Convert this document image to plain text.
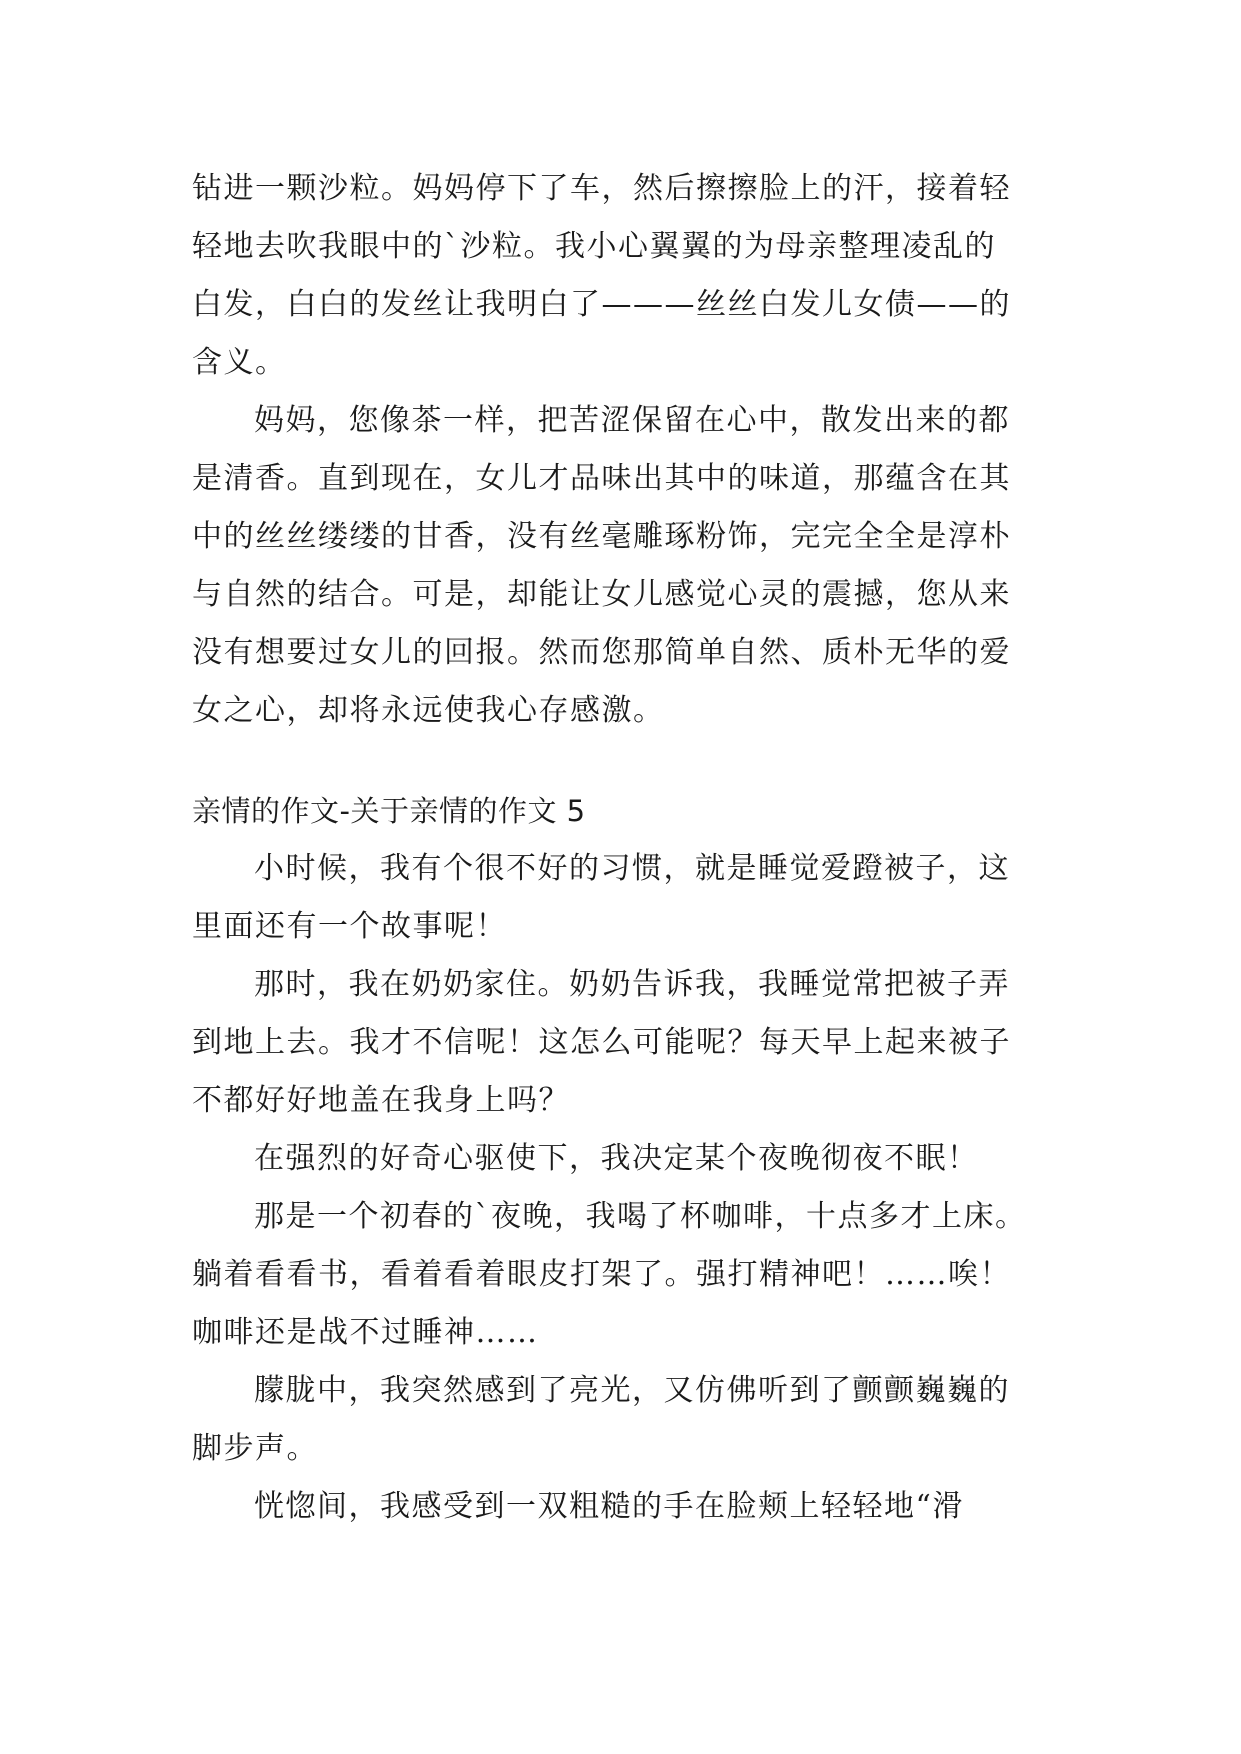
钻进一颗沙粒。妈妈停下了车，然后擦擦脸上的汗，接着轻
轻地去吹我眼中的`沙粒。我小心翼翼的为母亲整理凌乱的
白发，白白的发丝让我明白了———丝丝白发儿女债——的
含义。
妈妈，您像茶一样，把苦涩保留在心中，散发出来的都
是清香。直到现在，女儿才品味出其中的味道，那蕴含在其
中的丝丝缕缕的甘香，没有丝毫雕琢粉饰，完完全全是淳朴
与自然的结合。可是，却能让女儿感觉心灵的震撼，您从来
没有想要过女儿的回报。然而您那简单自然、质朴无华的爱
女之心，却将永远使我心存感激。
亲情的作文-关于亲情的作文 5
小时候，我有个很不好的习惯，就是睡觉爱蹬被子，这
里面还有一个故事呢！
那时，我在奶奶家住。奶奶告诉我，我睡觉常把被子弄
到地上去。我才不信呢！这怎么可能呢？每天早上起来被子
不都好好地盖在我身上吗？
在强烈的好奇心驱使下，我决定某个夜晚彻夜不眠！
那是一个初春的`夜晚，我喝了杯咖啡，十点多才上床。
躺着看看书，看着看着眼皮打架了。强打精神吧！……唉！
咖啡还是战不过睡神……
朦胧中，我突然感到了亮光，又仿佛听到了颤颤巍巍的
脚步声。
恍惚间，我感受到一双粗糙的手在脸颊上轻轻地“滑
